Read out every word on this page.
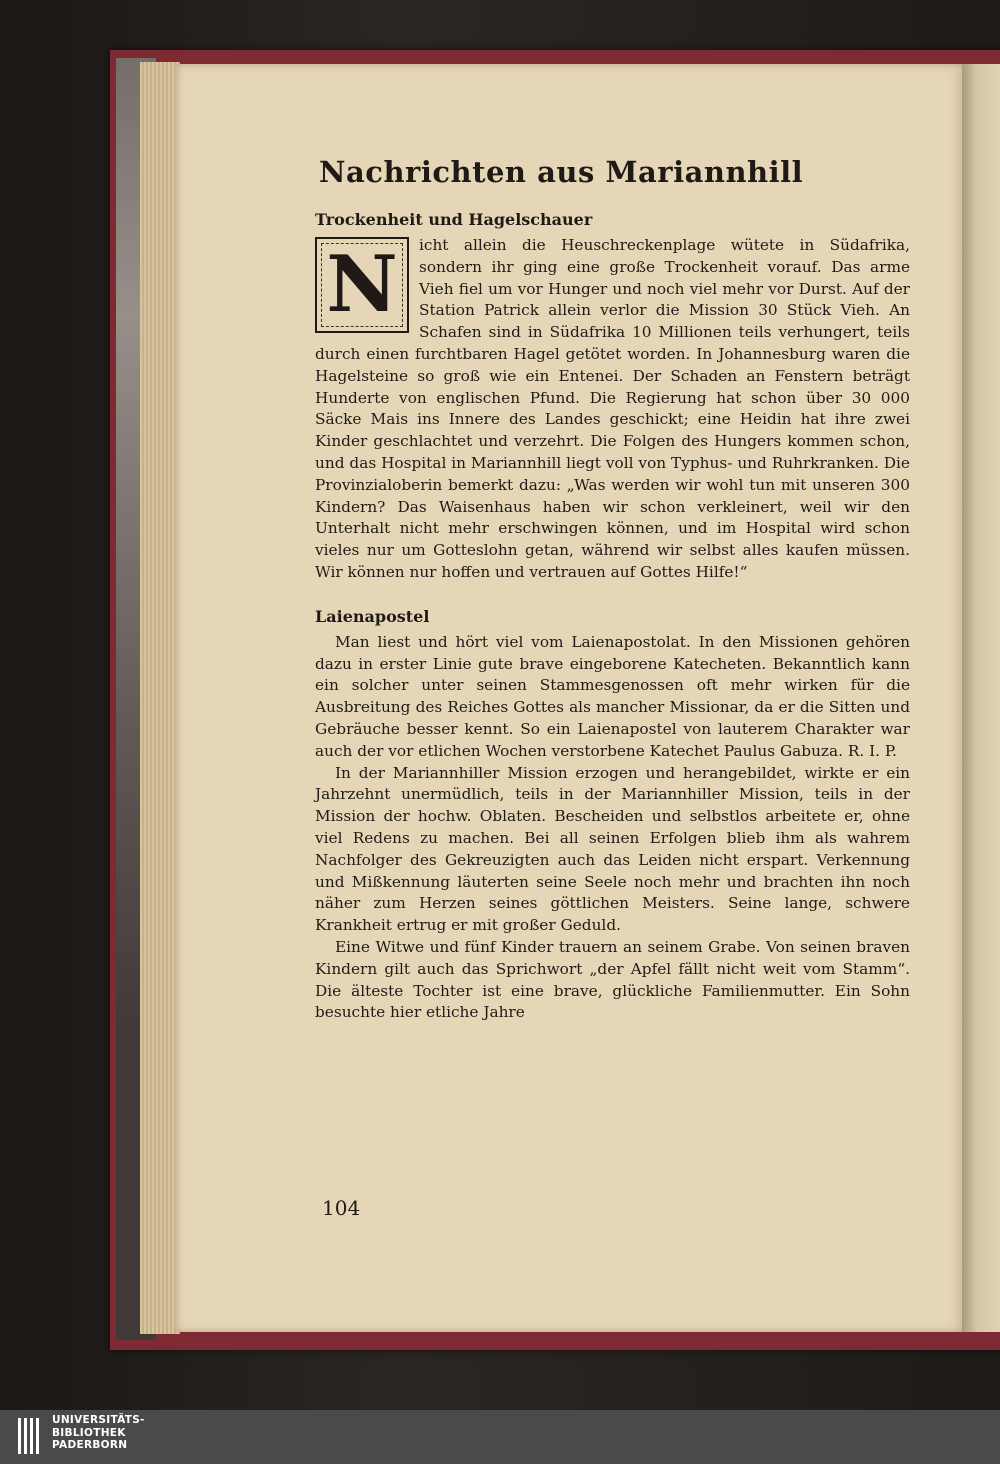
Nachrichten aus Mariannhill
Trockenheit und Hagelschauer

N	icht allein die Heuschreckenplage wütete in Südafrika, sondern ihr ging eine große Trockenheit vorauf. Das arme Vieh fiel um vor Hunger und noch viel mehr vor Durst. Auf der Station Patrick allein verlor die Mission 30 Stück Vieh. An Schafen sind in Südafrika 10 Millionen teils verhungert, teils durch einen furchtbaren Hagel getötet worden. In Johannesburg waren die Hagelsteine so groß wie ein Entenei. Der Schaden an Fenstern beträgt Hunderte von englischen Pfund. Die Regierung hat schon über 30 000 Säcke Mais ins Innere des Landes geschickt; eine Heidin hat ihre zwei Kinder geschlachtet und verzehrt. Die Folgen des Hungers kommen schon, und das Hospital in Mariannhill liegt voll von Typhus- und Ruhrkranken. Die Provinzialoberin bemerkt dazu: „Was werden wir wohl tun mit unseren 300 Kindern? Das Waisenhaus haben wir schon verkleinert, weil wir den Unterhalt nicht mehr erschwingen können, und im Hospital wird schon vieles nur um Gotteslohn getan, während wir selbst alles kaufen müssen. Wir können nur hoffen und vertrauen auf Gottes Hilfe!“

Laienapostel

Man liest und hört viel vom Laienapostolat. In den Missionen gehören dazu in erster Linie gute brave eingeborene Katecheten. Bekanntlich kann ein solcher unter seinen Stammesgenossen oft mehr wirken für die Ausbreitung des Reiches Gottes als mancher Missionar, da er die Sitten und Gebräuche besser kennt. So ein Laienapostel von lauterem Charakter war auch der vor etlichen Wochen verstorbene Katechet Paulus Gabuza. R. I. P.

In der Mariannhiller Mission erzogen und herangebildet, wirkte er ein Jahrzehnt unermüdlich, teils in der Mariannhiller Mission, teils in der Mission der hochw. Oblaten. Bescheiden und selbstlos arbeitete er, ohne viel Redens zu machen. Bei all seinen Erfolgen blieb ihm als wahrem Nachfolger des Gekreuzigten auch das Leiden nicht erspart. Verkennung und Mißkennung läuterten seine Seele noch mehr und brachten ihn noch näher zum Herzen seines göttlichen Meisters. Seine lange, schwere Krankheit ertrug er mit großer Geduld.

Eine Witwe und fünf Kinder trauern an seinem Grabe. Von seinen braven Kindern gilt auch das Sprichwort „der Apfel fällt nicht weit vom Stamm“. Die älteste Tochter ist eine brave, glückliche Familienmutter. Ein Sohn besuchte hier etliche Jahre

104
UNIVERSITÄTS-
BIBLIOTHEK
PADERBORN
